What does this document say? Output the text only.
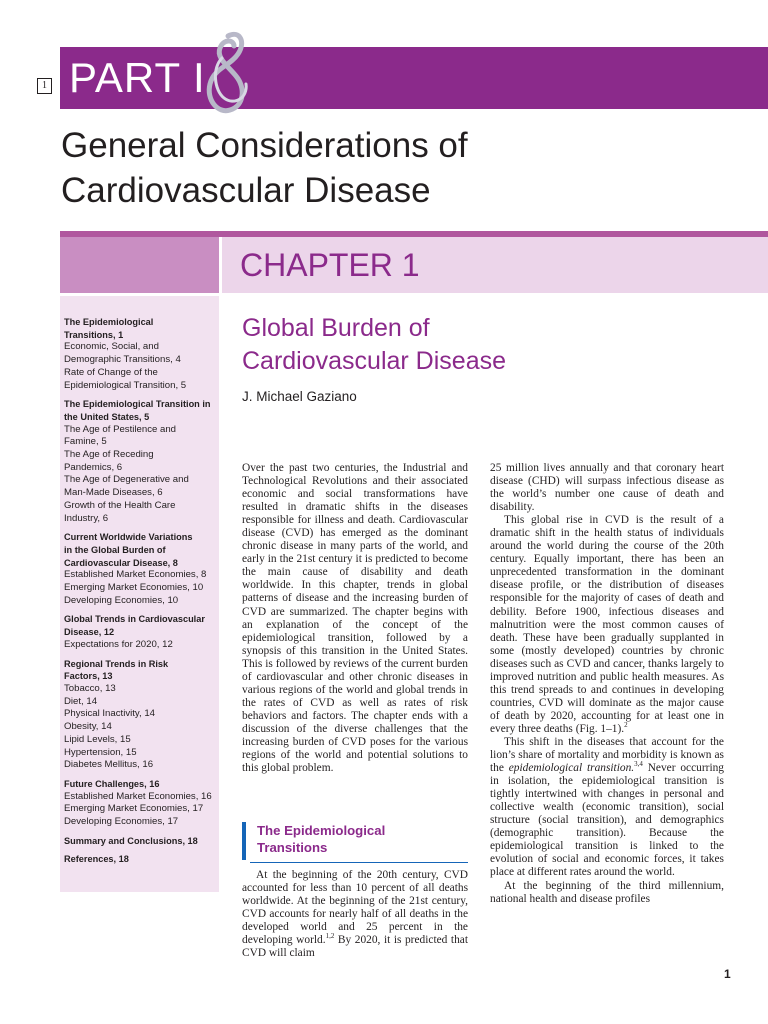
1 PART I
General Considerations of
Cardiovascular Disease
CHAPTER 1
The Epidemiological
Transitions, 1
Economic, Social, and
Demographic Transitions, 4
Rate of Change of the
Epidemiological Transition, 5
The Epidemiological Transition in
the United States, 5
The Age of Pestilence and
Famine, 5
The Age of Receding
Pandemics, 6
The Age of Degenerative and
Man-Made Diseases, 6
Growth of the Health Care
Industry, 6
Current Worldwide Variations
in the Global Burden of
Cardiovascular Disease, 8
Established Market Economies, 8
Emerging Market Economies, 10
Developing Economies, 10
Global Trends in Cardiovascular
Disease, 12
Expectations for 2020, 12
Regional Trends in Risk
Factors, 13
Tobacco, 13
Diet, 14
Physical Inactivity, 14
Obesity, 14
Lipid Levels, 15
Hypertension, 15
Diabetes Mellitus, 16
Future Challenges, 16
Established Market Economies, 16
Emerging Market Economies, 17
Developing Economies, 17
Summary and Conclusions, 18
References, 18
Global Burden of
Cardiovascular Disease
J. Michael Gaziano

Over the past two centuries, the Industrial and Technological Revolutions and their associated economic and social transformations have resulted in dramatic shifts in the diseases responsible for illness and death. Cardiovascular disease (CVD) has emerged as the dominant chronic disease in many parts of the world, and early in the 21st century it is predicted to become the main cause of disability and death worldwide. In this chapter, trends in global patterns of disease and the increasing burden of CVD are summarized. The chapter begins with an explanation of the concept of the epidemiological transition, followed by a synopsis of this transition in the United States. This is followed by reviews of the current burden of cardiovascular and other chronic diseases in various regions of the world and global trends in the rates of CVD as well as rates of risk behaviors and factors. The chapter ends with a discussion of the diverse challenges that the increasing burden of CVD poses for the various regions of the world and potential solutions to this global problem.

The Epidemiological
Transitions

At the beginning of the 20th century, CVD accounted for less than 10 percent of all deaths worldwide. At the beginning of the 21st century, CVD accounts for nearly half of all deaths in the developed world and 25 percent in the developing world.$^{1,2}$ By 2020, it is predicted that CVD will claim

25 million lives annually and that coronary heart disease (CHD) will surpass infectious disease as the world’s number one cause of death and disability.

This global rise in CVD is the result of a dramatic shift in the health status of individuals around the world during the course of the 20th century. Equally important, there has been an unprecedented transformation in the dominant disease profile, or the distribution of diseases responsible for the majority of cases of death and debility. Before 1900, infectious diseases and malnutrition were the most common causes of death. These have been gradually supplanted in some (mostly developed) countries by chronic diseases such as CVD and cancer, thanks largely to improved nutrition and public health measures. As this trend spreads to and continues in developing countries, CVD will dominate as the major cause of death by 2020, accounting for at least one in every three deaths (Fig. 1–1).$^2$

This shift in the diseases that account for the lion’s share of mortality and morbidity is known as the epidemiological transition.$^{3,4}$ Never occurring in isolation, the epidemiological transition is tightly intertwined with changes in personal and collective wealth (economic transition), social structure (social transition), and demographics (demographic transition). Because the epidemiological transition is linked to the evolution of social and economic forces, it takes place at different rates around the world.

At the beginning of the third millennium, national health and disease profiles

1
